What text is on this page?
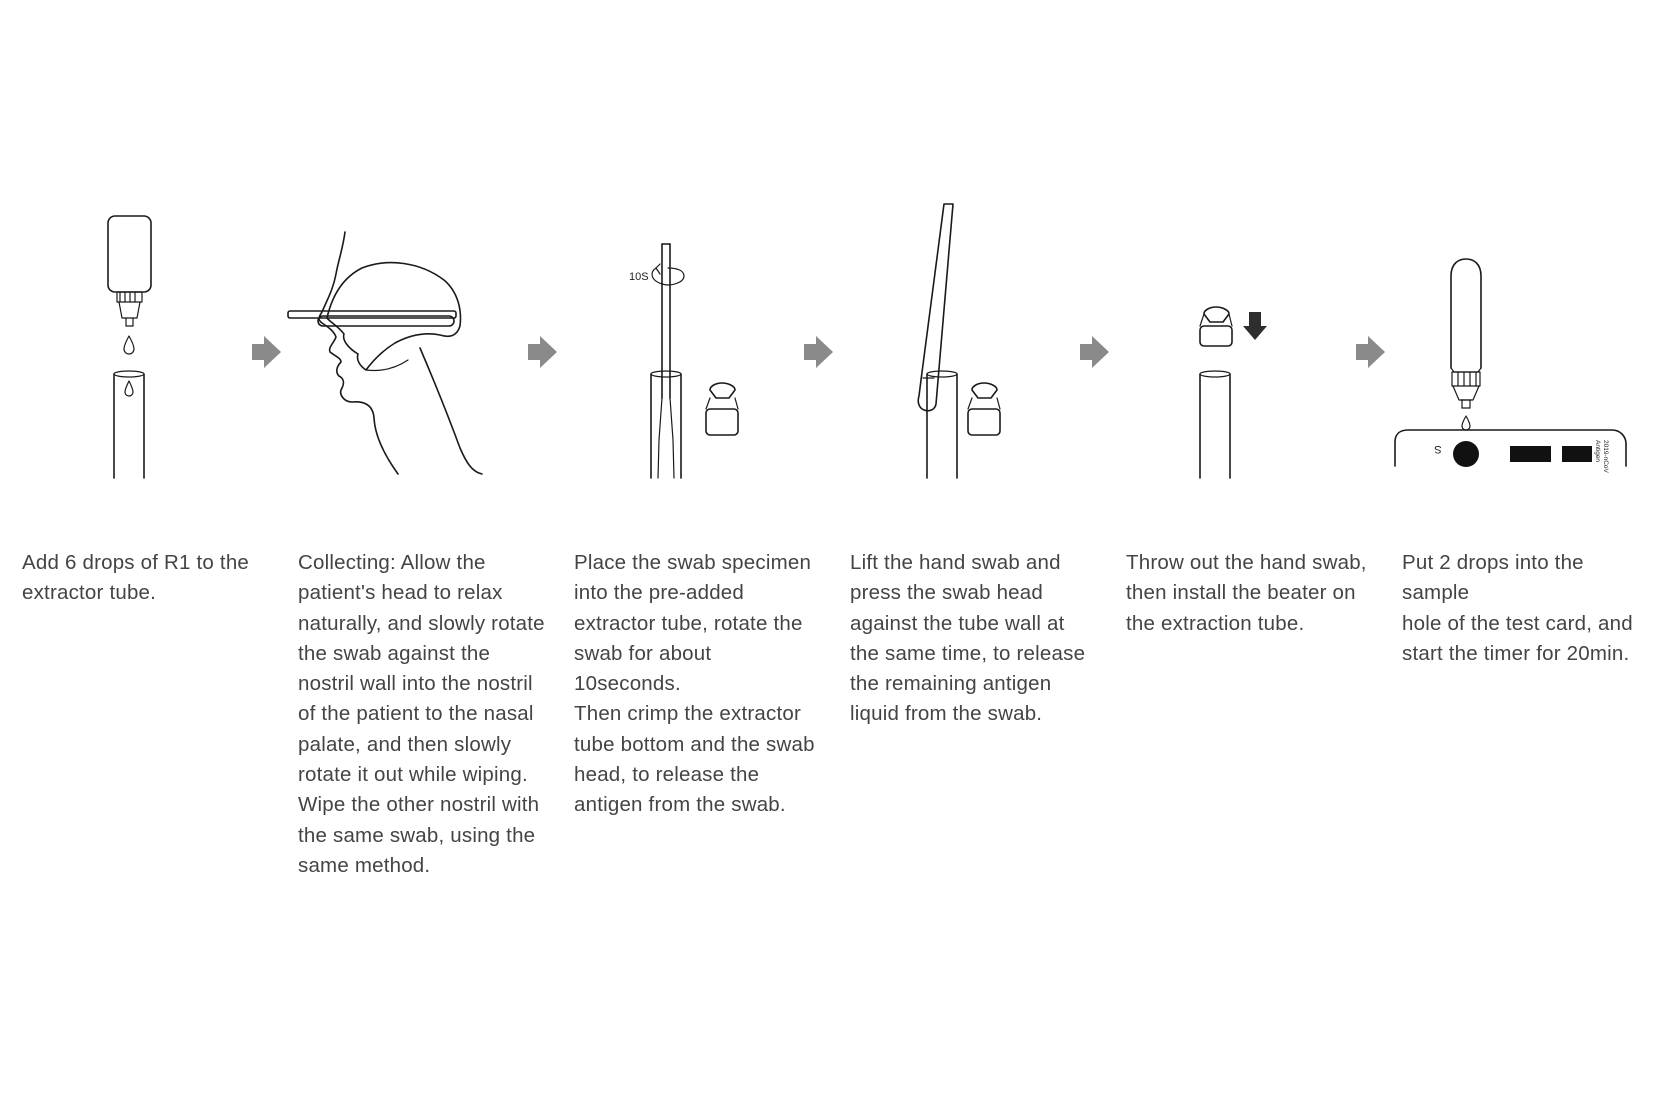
10S
S	2019-nCoV
Antigen
Add 6 drops of R1 to the
extractor tube.
Collecting: Allow the
patient's head to relax
naturally, and slowly rotate
the swab against the
nostril wall into the nostril
of the patient to the nasal
palate, and then slowly
rotate it out while wiping.
Wipe the other nostril with
the same swab, using the
same method.
Place the swab specimen
into the pre-added
extractor tube, rotate the
swab for about 10seconds.
Then crimp the extractor
tube bottom and the swab
head, to release the
antigen from the swab.
Lift the hand swab and
press the swab head
against the tube wall at
the same time, to release
the remaining antigen
liquid from the swab.
Throw out the hand swab,
then install the beater on
the extraction tube.
Put 2 drops into the sample
hole of the test card, and
start the timer for 20min.
